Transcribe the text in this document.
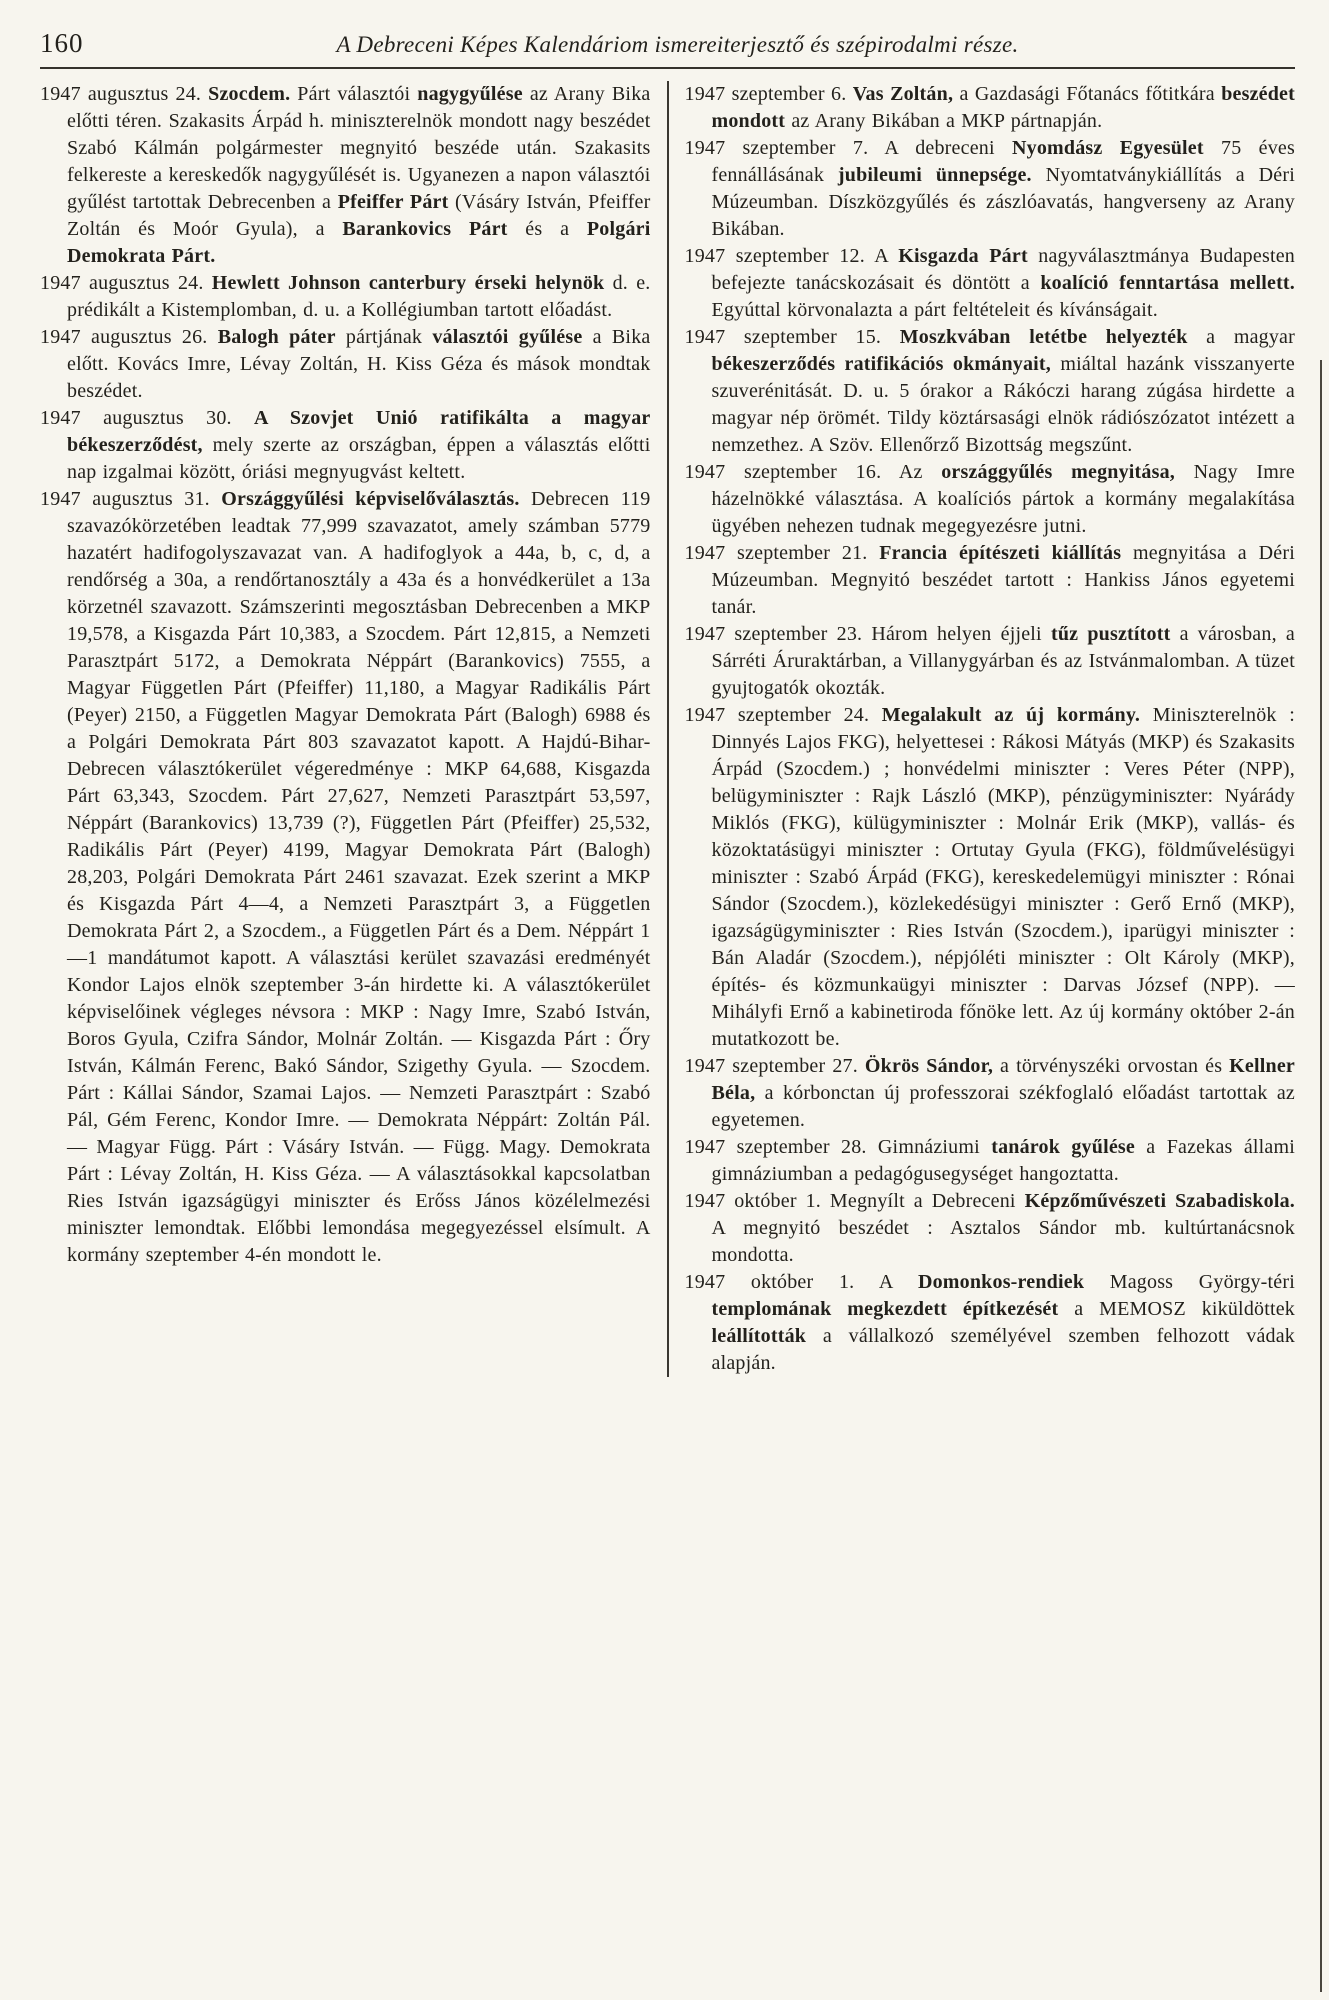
160	A Debreceni Képes Kalendáriom ismereiterjesztő és szépirodalmi része.

1947 augusztus 24. Szocdem. Párt választói nagygyűlése az Arany Bika előtti téren. Szakasits Árpád h. miniszterelnök mondott nagy beszédet Szabó Kálmán polgármester megnyitó beszéde után. Szakasits felkereste a kereskedők nagygyűlését is. Ugyanezen a napon választói gyűlést tartottak Debrecenben a Pfeiffer Párt (Vásáry István, Pfeiffer Zoltán és Moór Gyula), a Barankovics Párt és a Polgári Demokrata Párt.

1947 augusztus 24. Hewlett Johnson canterbury érseki helynök d. e. prédikált a Kistemplomban, d. u. a Kollégiumban tartott előadást.

1947 augusztus 26. Balogh páter pártjának választói gyűlése a Bika előtt. Kovács Imre, Lévay Zoltán, H. Kiss Géza és mások mondtak beszédet.

1947 augusztus 30. A Szovjet Unió ratifikálta a magyar békeszerződést, mely szerte az országban, éppen a választás előtti nap izgalmai között, óriási megnyugvást keltett.

1947 augusztus 31. Országgyűlési képviselőválasztás. Debrecen 119 szavazókörzetében leadtak 77,999 szavazatot, amely számban 5779 hazatért hadifogolyszavazat van. A hadifoglyok a 44a, b, c, d, a rendőrség a 30a, a rendőrtanosztály a 43a és a honvédkerület a 13a körzetnél szavazott. Számszerinti megosztásban Debrecenben a MKP 19,578, a Kisgazda Párt 10,383, a Szocdem. Párt 12,815, a Nemzeti Parasztpárt 5172, a Demokrata Néppárt (Barankovics) 7555, a Magyar Független Párt (Pfeiffer) 11,180, a Magyar Radikális Párt (Peyer) 2150, a Független Magyar Demokrata Párt (Balogh) 6988 és a Polgári Demokrata Párt 803 szavazatot kapott. A Hajdú-Bihar-Debrecen választókerület végeredménye : MKP 64,688, Kisgazda Párt 63,343, Szocdem. Párt 27,627, Nemzeti Parasztpárt 53,597, Néppárt (Barankovics) 13,739 (?), Független Párt (Pfeiffer) 25,532, Radikális Párt (Peyer) 4199, Magyar Demokrata Párt (Balogh) 28,203, Polgári Demokrata Párt 2461 szavazat. Ezek szerint a MKP és Kisgazda Párt 4—4, a Nemzeti Parasztpárt 3, a Független Demokrata Párt 2, a Szocdem., a Független Párt és a Dem. Néppárt 1—1 mandátumot kapott. A választási kerület szavazási eredményét Kondor Lajos elnök szeptember 3-án hirdette ki. A választókerület képviselőinek végleges névsora : MKP : Nagy Imre, Szabó István, Boros Gyula, Czifra Sándor, Molnár Zoltán. — Kisgazda Párt : Őry István, Kálmán Ferenc, Bakó Sándor, Szigethy Gyula. — Szocdem. Párt : Kállai Sándor, Szamai Lajos. — Nemzeti Parasztpárt : Szabó Pál, Gém Ferenc, Kondor Imre. — Demokrata Néppárt: Zoltán Pál. — Magyar Függ. Párt : Vásáry István. — Függ. Magy. Demokrata Párt : Lévay Zoltán, H. Kiss Géza. — A választásokkal kapcsolatban Ries István igazságügyi miniszter és Erőss János közélelmezési miniszter lemondtak. Előbbi lemondása megegyezéssel elsímult. A kormány szeptember 4-én mondott le.

1947 szeptember 6. Vas Zoltán, a Gazdasági Főtanács főtitkára beszédet mondott az Arany Bikában a MKP pártnapján.

1947 szeptember 7. A debreceni Nyomdász Egyesület 75 éves fennállásának jubileumi ünnepsége. Nyomtatványkiállítás a Déri Múzeumban. Díszközgyűlés és zászlóavatás, hangverseny az Arany Bikában.

1947 szeptember 12. A Kisgazda Párt nagyválasztmánya Budapesten befejezte tanácskozásait és döntött a koalíció fenntartása mellett. Egyúttal körvonalazta a párt feltételeit és kívánságait.

1947 szeptember 15. Moszkvában letétbe helyezték a magyar békeszerződés ratifikációs okmányait, miáltal hazánk visszanyerte szuverénitását. D. u. 5 órakor a Rákóczi harang zúgása hirdette a magyar nép örömét. Tildy köztársasági elnök rádiószózatot intézett a nemzethez. A Szöv. Ellenőrző Bizottság megszűnt.

1947 szeptember 16. Az országgyűlés megnyitása, Nagy Imre házelnökké választása. A koalíciós pártok a kormány megalakítása ügyében nehezen tudnak megegyezésre jutni.

1947 szeptember 21. Francia építészeti kiállítás megnyitása a Déri Múzeumban. Megnyitó beszédet tartott : Hankiss János egyetemi tanár.

1947 szeptember 23. Három helyen éjjeli tűz pusztított a városban, a Sárréti Áruraktárban, a Villanygyárban és az Istvánmalomban. A tüzet gyujtogatók okozták.

1947 szeptember 24. Megalakult az új kormány. Miniszterelnök : Dinnyés Lajos FKG), helyettesei : Rákosi Mátyás (MKP) és Szakasits Árpád (Szocdem.) ; honvédelmi miniszter : Veres Péter (NPP), belügyminiszter : Rajk László (MKP), pénzügyminiszter: Nyárády Miklós (FKG), külügyminiszter : Molnár Erik (MKP), vallás- és közoktatásügyi miniszter : Ortutay Gyula (FKG), földművelésügyi miniszter : Szabó Árpád (FKG), kereskedelemügyi miniszter : Rónai Sándor (Szocdem.), közlekedésügyi miniszter : Gerő Ernő (MKP), igazságügyminiszter : Ries István (Szocdem.), iparügyi miniszter : Bán Aladár (Szocdem.), népjóléti miniszter : Olt Károly (MKP), építés- és közmunkaügyi miniszter : Darvas József (NPP). — Mihályfi Ernő a kabinetiroda főnöke lett. Az új kormány október 2-án mutatkozott be.

1947 szeptember 27. Ökrös Sándor, a törvényszéki orvostan és Kellner Béla, a kórbonctan új professzorai székfoglaló előadást tartottak az egyetemen.

1947 szeptember 28. Gimnáziumi tanárok gyűlése a Fazekas állami gimnáziumban a pedagógusegységet hangoztatta.

1947 október 1. Megnyílt a Debreceni Képzőművészeti Szabadiskola. A megnyitó beszédet : Asztalos Sándor mb. kultúrtanácsnok mondotta.

1947 október 1. A Domonkos-rendiek Magoss György-téri templomának megkezdett építkezését a MEMOSZ kiküldöttek leállították a vállalkozó személyével szemben felhozott vádak alapján.
